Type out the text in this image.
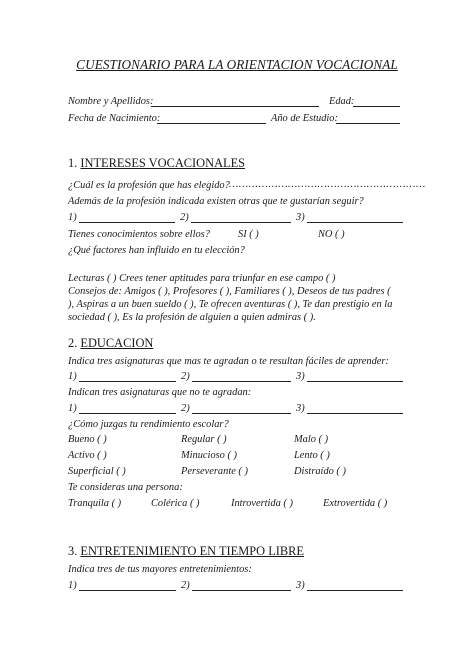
CUESTIONARIO PARA LA ORIENTACION VOCACIONAL
Nombre y Apellidos:	Edad:
Fecha de Nacimiento:	Año de Estudio:
1. INTERESES VOCACIONALES
¿Cuál es la profesión que has elegido? ……………………………………………………
Además de la profesión indicada existen otras que te gustarían seguir?
1)	2)	3)
Tienes conocimientos sobre ellos?	SI ( )	NO ( )
¿Qué factores han influido en tu elección?
Lecturas ( ) Crees tener aptitudes para triunfar en ese campo ( )
Consejos de: Amigos ( ), Profesores ( ), Familiares ( ), Deseos de tus padres (
), Aspiras a un buen sueldo ( ), Te ofrecen aventuras ( ), Te dan prestigio en la
sociedad ( ), Es la profesión de alguien a quien admiras ( ).
2. EDUCACION
Indica tres asignaturas que mas te agradan o te resultan fáciles de aprender:
1)	2)	3)
Indican tres asignaturas que no te agradan:
1)	2)	3)
¿Cómo juzgas tu rendimiento escolar?
Bueno ( )	Regular ( )	Malo ( )
Activo ( )	Minucioso ( )	Lento ( )
Superficial ( )	Perseverante ( )	Distraído ( )
Te consideras una persona:
Tranquila ( )	Colérica ( )	Introvertida ( )	Extrovertida ( )
3. ENTRETENIMIENTO EN TIEMPO LIBRE
Indica tres de tus mayores entretenimientos:
1)	2)	3)
